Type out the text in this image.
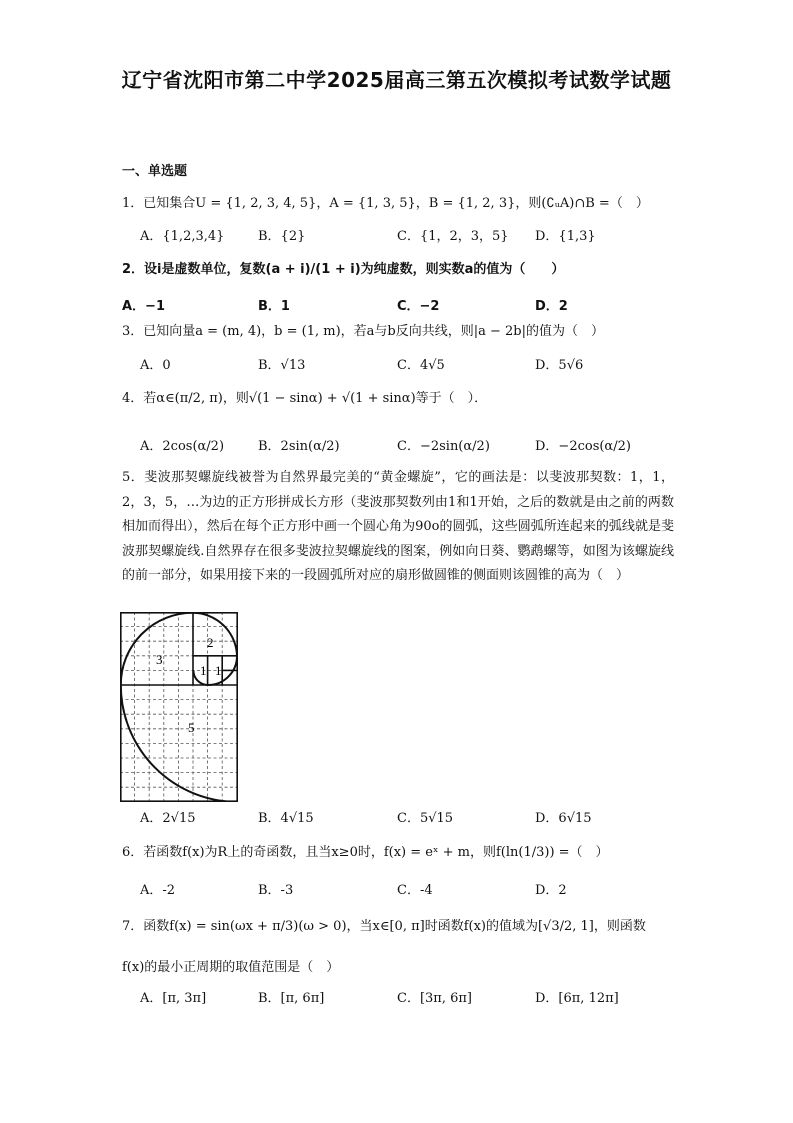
辽宁省沈阳市第二中学2025届高三第五次模拟考试数学试题
一、单选题
1．已知集合U = {1, 2, 3, 4, 5}，A = {1, 3, 5}，B = {1, 2, 3}，则(∁ᵤA)∩B =（　）
A．{1,2,3,4}	B．{2}	C．{1，2，3，5} D．{1,3}
2．设i是虚数单位，复数(a + i)/(1 + i)为纯虚数，则实数a的值为（　　）
A．−1	B．1	C．−2	D．2
3．已知向量a = (m, 4)，b = (1, m)，若a与b反向共线，则|a − 2b|的值为（　）
A．0	B．√13	C．4√5	D．5√6
4．若α∈(π/2, π)，则√(1 − sinα) + √(1 + sinα)等于（　）．
A．2cos(α/2)	B．2sin(α/2)	C．−2sin(α/2)	D．−2cos(α/2)
5．斐波那契螺旋线被誉为自然界最完美的“黄金螺旋”，它的画法是：以斐波那契数：1，1，2，3，5，…为边的正方形拼成长方形（斐波那契数列由1和1开始，之后的数就是由之前的两数相加而得出），然后在每个正方形中画一个圆心角为90o的圆弧，这些圆弧所连起来的弧线就是斐波那契螺旋线.自然界存在很多斐波拉契螺旋线的图案，例如向日葵、鹦鹉螺等，如图为该螺旋线的前一部分，如果用接下来的一段圆弧所对应的扇形做圆锥的侧面则该圆锥的高为（　）
2
3
1 1
5
A．2√15	B．4√15	C．5√15	D．6√15
6．若函数f(x)为R上的奇函数，且当x≥0时，f(x) = eˣ + m，则f(ln(1/3)) =（　）
A．-2	B．-3	C．-4	D．2
7．函数f(x) = sin(ωx + π/3)(ω > 0)，当x∈[0, π]时函数f(x)的值域为[√3/2, 1]，则函数
f(x)的最小正周期的取值范围是（　）
A．[π, 3π]	B．[π, 6π]	C．[3π, 6π]	D．[6π, 12π]
